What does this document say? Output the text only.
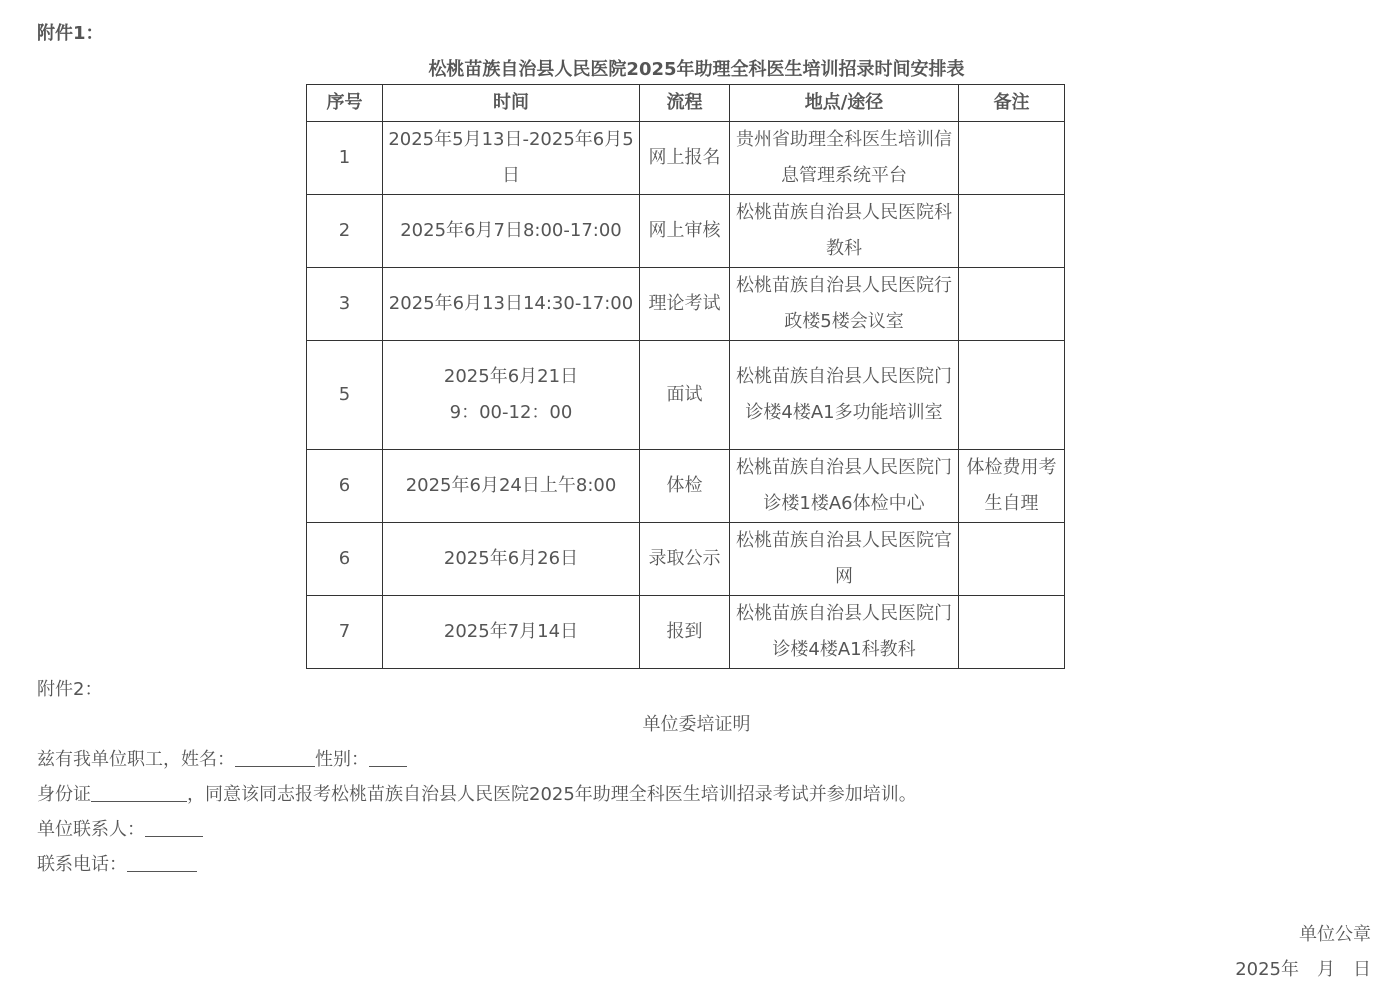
附件1：
松桃苗族自治县人民医院2025年助理全科医生培训招录时间安排表
序号	时间	流程	地点/途径	备注
1	2025年5月13日-2025年6月5日	网上报名	贵州省助理全科医生培训信息管理系统平台	
2	2025年6月7日8:00-17:00	网上审核	松桃苗族自治县人民医院科教科	
3	2025年6月13日14:30-17:00	理论考试	松桃苗族自治县人民医院行政楼5楼会议室	
5	2025年6月21日 9：00-12：00	面试	松桃苗族自治县人民医院门诊楼4楼A1多功能培训室	
6	2025年6月24日上午8:00	体检	松桃苗族自治县人民医院门诊楼1楼A6体检中心	体检费用考生自理
6	2025年6月26日	录取公示	松桃苗族自治县人民医院官网	
7	2025年7月14日	报到	松桃苗族自治县人民医院门诊楼4楼A1科教科	
附件2：
单位委培证明
兹有我单位职工，姓名：	性别：
身份证	，同意该同志报考松桃苗族自治县人民医院2025年助理全科医生培训招录考试并参加培训。
单位联系人：
联系电话：
单位公章
2025年　月　日
